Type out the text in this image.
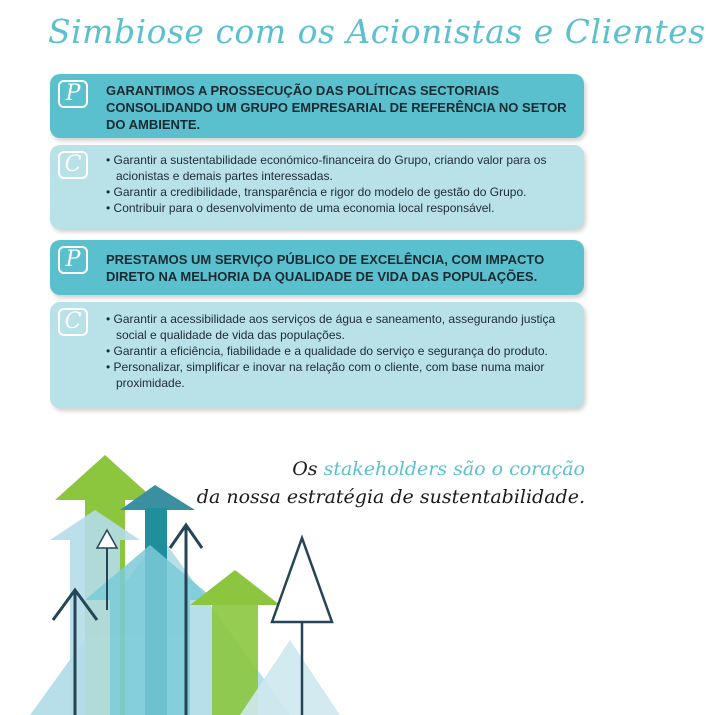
Simbiose com os Acionistas e Clientes
P	GARANTIMOS A PROSSECUÇÃO DAS POLÍTICAS SECTORIAIS CONSOLIDANDO UM GRUPO EMPRESARIAL DE REFERÊNCIA NO SETOR DO AMBIENTE.
C	• Garantir a sustentabilidade económico-financeira do Grupo, criando valor para os acionistas e demais partes interessadas.
• Garantir a credibilidade, transparência e rigor do modelo de gestão do Grupo.
• Contribuir para o desenvolvimento de uma economia local responsável.
P	PRESTAMOS UM SERVIÇO PÚBLICO DE EXCELÊNCIA, COM IMPACTO DIRETO NA MELHORIA DA QUALIDADE DE VIDA DAS POPULAÇÕES.
C	• Garantir a acessibilidade aos serviços de água e saneamento, assegurando justiça social e qualidade de vida das populações.
• Garantir a eficiência, fiabilidade e a qualidade do serviço e segurança do produto.
• Personalizar, simplificar e inovar na relação com o cliente, com base numa maior proximidade.
Os stakeholders são o coração
da nossa estratégia de sustentabilidade.
